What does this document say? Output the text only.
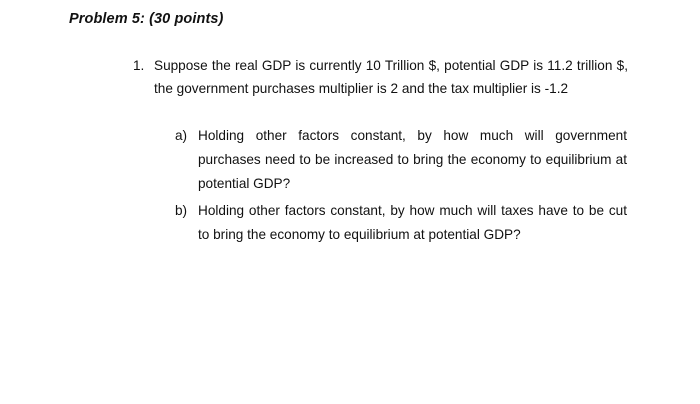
Problem 5: (30 points)
1. Suppose the real GDP is currently 10 Trillion $, potential GDP is 11.2 trillion $, the government purchases multiplier is 2 and the tax multiplier is -1.2
a) Holding other factors constant, by how much will government purchases need to be increased to bring the economy to equilibrium at potential GDP?
b) Holding other factors constant, by how much will taxes have to be cut to bring the economy to equilibrium at potential GDP?
